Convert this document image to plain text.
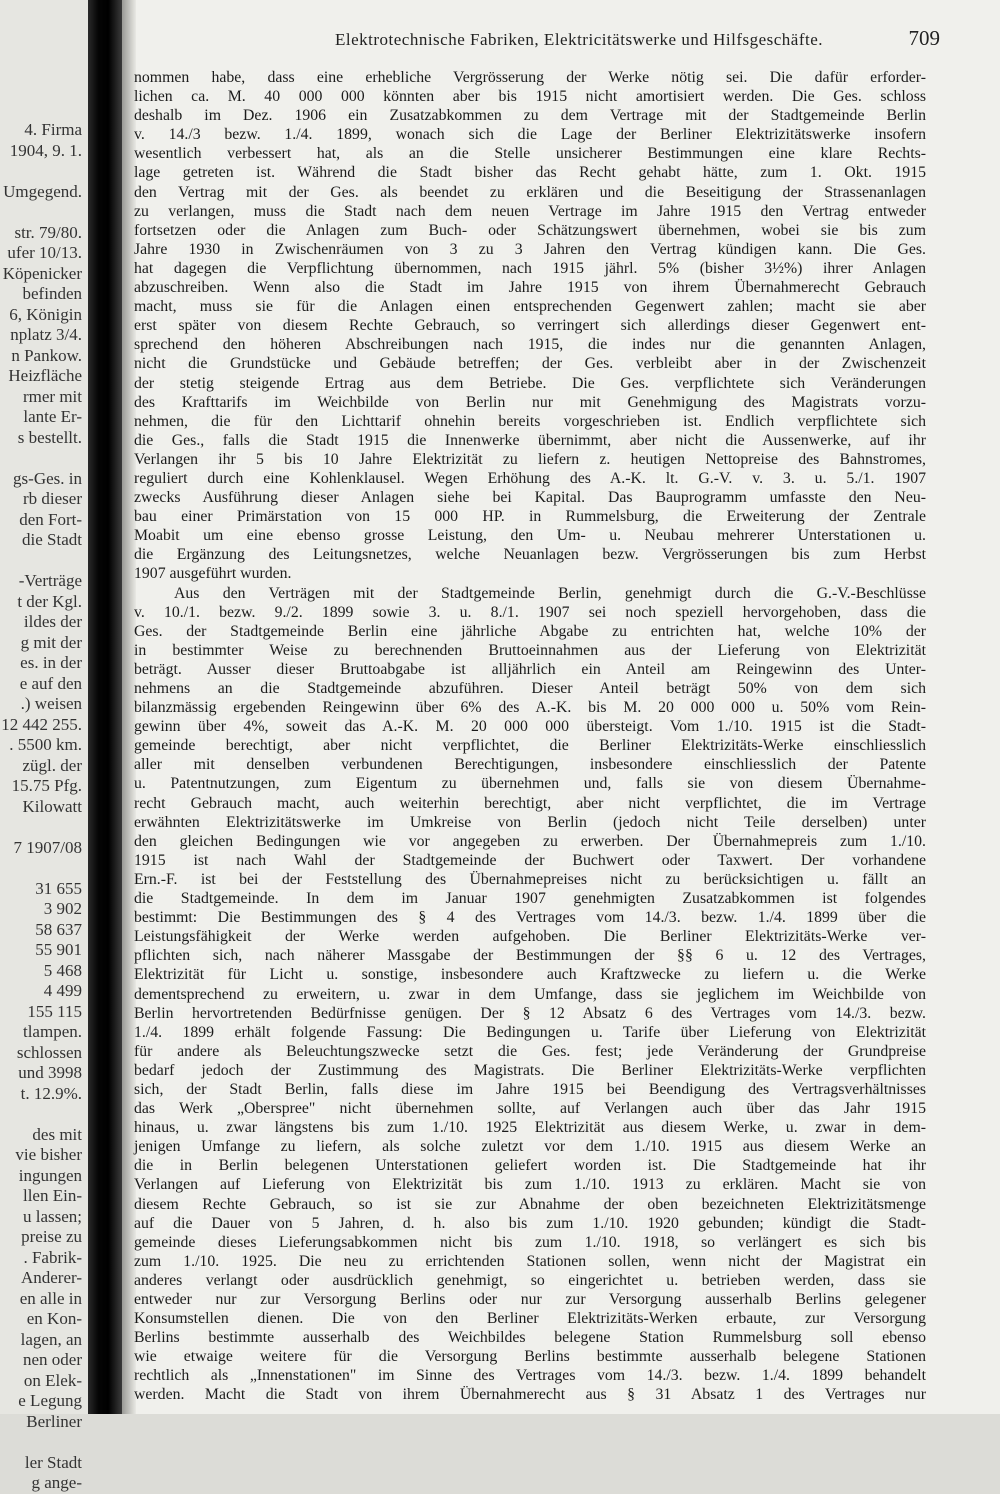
4. Firma
1904, 9. 1.
Umgegend.
str. 79/80.
ufer 10/13.
Köpenicker
befinden
6, Königin
nplatz 3/4.
n Pankow.
Heizfläche
rmer mit
lante Er-
s bestellt.
gs-Ges. in
rb dieser
den Fort-
die Stadt
-Verträge
t der Kgl.
ildes der
g mit der
es. in der
e auf den
.) weisen
12 442 255.
. 5500 km.
zügl. der
15.75 Pfg.
Kilowatt
7 1907/08
31 655
3 902
58 637
55 901
5 468
4 499
155 115
tlampen.
schlossen
und 3998
t. 12.9%.
des mit
vie bisher
ingungen
llen Ein-
u lassen;
preise zu
. Fabrik-
Anderer-
en alle in
en Kon-
lagen, an
nen oder
on Elek-
e Legung
Berliner
ler Stadt
g ange-
Elektrotechnische Fabriken, Elektricitätswerke und Hilfsgeschäfte.	709
nommen habe, dass eine erhebliche Vergrösserung der Werke nötig sei. Die dafür erforder-
lichen ca. M. 40 000 000 könnten aber bis 1915 nicht amortisiert werden. Die Ges. schloss
deshalb im Dez. 1906 ein Zusatzabkommen zu dem Vertrage mit der Stadtgemeinde Berlin
v. 14./3 bezw. 1./4. 1899, wonach sich die Lage der Berliner Elektrizitätswerke insofern
wesentlich verbessert hat, als an die Stelle unsicherer Bestimmungen eine klare Rechts-
lage getreten ist. Während die Stadt bisher das Recht gehabt hätte, zum 1. Okt. 1915
den Vertrag mit der Ges. als beendet zu erklären und die Beseitigung der Strassenanlagen
zu verlangen, muss die Stadt nach dem neuen Vertrage im Jahre 1915 den Vertrag entweder
fortsetzen oder die Anlagen zum Buch- oder Schätzungswert übernehmen, wobei sie bis zum
Jahre 1930 in Zwischenräumen von 3 zu 3 Jahren den Vertrag kündigen kann. Die Ges.
hat dagegen die Verpflichtung übernommen, nach 1915 jährl. 5% (bisher 3½%) ihrer Anlagen
abzuschreiben. Wenn also die Stadt im Jahre 1915 von ihrem Übernahmerecht Gebrauch
macht, muss sie für die Anlagen einen entsprechenden Gegenwert zahlen; macht sie aber
erst später von diesem Rechte Gebrauch, so verringert sich allerdings dieser Gegenwert ent-
sprechend den höheren Abschreibungen nach 1915, die indes nur die genannten Anlagen,
nicht die Grundstücke und Gebäude betreffen; der Ges. verbleibt aber in der Zwischenzeit
der stetig steigende Ertrag aus dem Betriebe. Die Ges. verpflichtete sich Veränderungen
des Krafttarifs im Weichbilde von Berlin nur mit Genehmigung des Magistrats vorzu-
nehmen, die für den Lichttarif ohnehin bereits vorgeschrieben ist. Endlich verpflichtete sich
die Ges., falls die Stadt 1915 die Innenwerke übernimmt, aber nicht die Aussenwerke, auf ihr
Verlangen ihr 5 bis 10 Jahre Elektrizität zu liefern z. heutigen Nettopreise des Bahnstromes,
reguliert durch eine Kohlenklausel. Wegen Erhöhung des A.-K. lt. G.-V. v. 3. u. 5./1. 1907
zwecks Ausführung dieser Anlagen siehe bei Kapital. Das Bauprogramm umfasste den Neu-
bau einer Primärstation von 15 000 HP. in Rummelsburg, die Erweiterung der Zentrale
Moabit um eine ebenso grosse Leistung, den Um- u. Neubau mehrerer Unterstationen u.
die Ergänzung des Leitungsnetzes, welche Neuanlagen bezw. Vergrösserungen bis zum Herbst
1907 ausgeführt wurden.
Aus den Verträgen mit der Stadtgemeinde Berlin, genehmigt durch die G.-V.-Beschlüsse
v. 10./1. bezw. 9./2. 1899 sowie 3. u. 8./1. 1907 sei noch speziell hervorgehoben, dass die
Ges. der Stadtgemeinde Berlin eine jährliche Abgabe zu entrichten hat, welche 10% der
in bestimmter Weise zu berechnenden Bruttoeinnahmen aus der Lieferung von Elektrizität
beträgt. Ausser dieser Bruttoabgabe ist alljährlich ein Anteil am Reingewinn des Unter-
nehmens an die Stadtgemeinde abzuführen. Dieser Anteil beträgt 50% von dem sich
bilanzmässig ergebenden Reingewinn über 6% des A.-K. bis M. 20 000 000 u. 50% vom Rein-
gewinn über 4%, soweit das A.-K. M. 20 000 000 übersteigt. Vom 1./10. 1915 ist die Stadt-
gemeinde berechtigt, aber nicht verpflichtet, die Berliner Elektrizitäts-Werke einschliesslich
aller mit denselben verbundenen Berechtigungen, insbesondere einschliesslich der Patente
u. Patentnutzungen, zum Eigentum zu übernehmen und, falls sie von diesem Übernahme-
recht Gebrauch macht, auch weiterhin berechtigt, aber nicht verpflichtet, die im Vertrage
erwähnten Elektrizitätswerke im Umkreise von Berlin (jedoch nicht Teile derselben) unter
den gleichen Bedingungen wie vor angegeben zu erwerben. Der Übernahmepreis zum 1./10.
1915 ist nach Wahl der Stadtgemeinde der Buchwert oder Taxwert. Der vorhandene
Ern.-F. ist bei der Feststellung des Übernahmepreises nicht zu berücksichtigen u. fällt an
die Stadtgemeinde. In dem im Januar 1907 genehmigten Zusatzabkommen ist folgendes
bestimmt: Die Bestimmungen des § 4 des Vertrages vom 14./3. bezw. 1./4. 1899 über die
Leistungsfähigkeit der Werke werden aufgehoben. Die Berliner Elektrizitäts-Werke ver-
pflichten sich, nach näherer Massgabe der Bestimmungen der §§ 6 u. 12 des Vertrages,
Elektrizität für Licht u. sonstige, insbesondere auch Kraftzwecke zu liefern u. die Werke
dementsprechend zu erweitern, u. zwar in dem Umfange, dass sie jeglichem im Weichbilde von
Berlin hervortretenden Bedürfnisse genügen. Der § 12 Absatz 6 des Vertrages vom 14./3. bezw.
1./4. 1899 erhält folgende Fassung: Die Bedingungen u. Tarife über Lieferung von Elektrizität
für andere als Beleuchtungszwecke setzt die Ges. fest; jede Veränderung der Grundpreise
bedarf jedoch der Zustimmung des Magistrats. Die Berliner Elektrizitäts-Werke verpflichten
sich, der Stadt Berlin, falls diese im Jahre 1915 bei Beendigung des Vertragsverhältnisses
das Werk „Oberspree" nicht übernehmen sollte, auf Verlangen auch über das Jahr 1915
hinaus, u. zwar längstens bis zum 1./10. 1925 Elektrizität aus diesem Werke, u. zwar in dem-
jenigen Umfange zu liefern, als solche zuletzt vor dem 1./10. 1915 aus diesem Werke an
die in Berlin belegenen Unterstationen geliefert worden ist. Die Stadtgemeinde hat ihr
Verlangen auf Lieferung von Elektrizität bis zum 1./10. 1913 zu erklären. Macht sie von
diesem Rechte Gebrauch, so ist sie zur Abnahme der oben bezeichneten Elektrizitätsmenge
auf die Dauer von 5 Jahren, d. h. also bis zum 1./10. 1920 gebunden; kündigt die Stadt-
gemeinde dieses Lieferungsabkommen nicht bis zum 1./10. 1918, so verlängert es sich bis
zum 1./10. 1925. Die neu zu errichtenden Stationen sollen, wenn nicht der Magistrat ein
anderes verlangt oder ausdrücklich genehmigt, so eingerichtet u. betrieben werden, dass sie
entweder nur zur Versorgung Berlins oder nur zur Versorgung ausserhalb Berlins gelegener
Konsumstellen dienen. Die von den Berliner Elektrizitäts-Werken erbaute, zur Versorgung
Berlins bestimmte ausserhalb des Weichbildes belegene Station Rummelsburg soll ebenso
wie etwaige weitere für die Versorgung Berlins bestimmte ausserhalb belegene Stationen
rechtlich als „Innenstationen" im Sinne des Vertrages vom 14./3. bezw. 1./4. 1899 behandelt
werden. Macht die Stadt von ihrem Übernahmerecht aus § 31 Absatz 1 des Vertrages nur
